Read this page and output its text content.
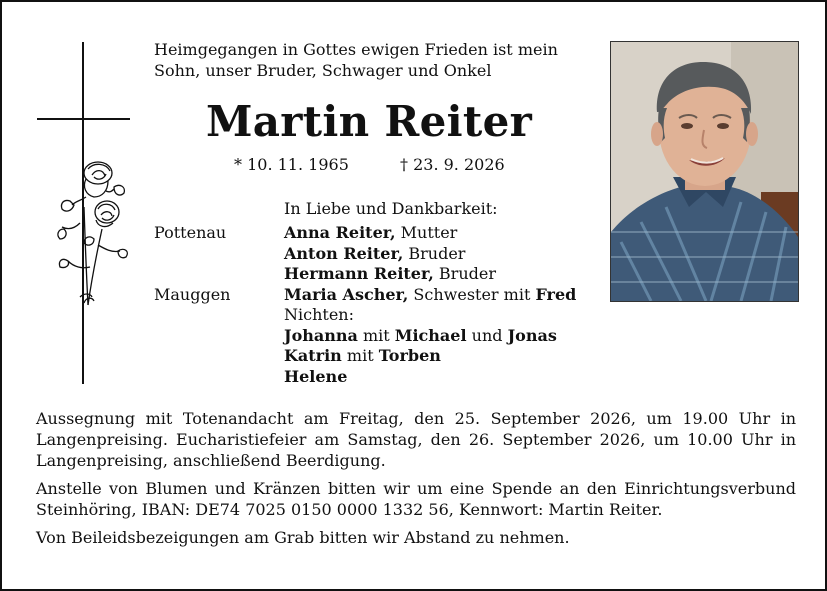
Heimgegangen in Gottes ewigen Frieden ist mein
Sohn, unser Bruder, Schwager und Onkel
Martin Reiter
* 10. 11. 1965	† 23. 9. 2026
In Liebe und Dankbarkeit:
Pottenau	Anna Reiter, Mutter
Anton Reiter, Bruder
Hermann Reiter, Bruder
Mauggen	Maria Ascher, Schwester mit Fred
Nichten:
Johanna mit Michael und Jonas
Katrin mit Torben
Helene

Aussegnung mit Totenandacht am Freitag, den 25. September 2026, um 19.00 Uhr in Langenpreising. Eucharistiefeier am Samstag, den 26. September 2026, um 10.00 Uhr in Langenpreising, anschließend Beerdigung.

Anstelle von Blumen und Kränzen bitten wir um eine Spende an den Einrichtungsverbund Steinhöring, IBAN: DE74 7025 0150 0000 1332 56, Kennwort: Martin Reiter.

Von Beileidsbezeigungen am Grab bitten wir Abstand zu nehmen.
